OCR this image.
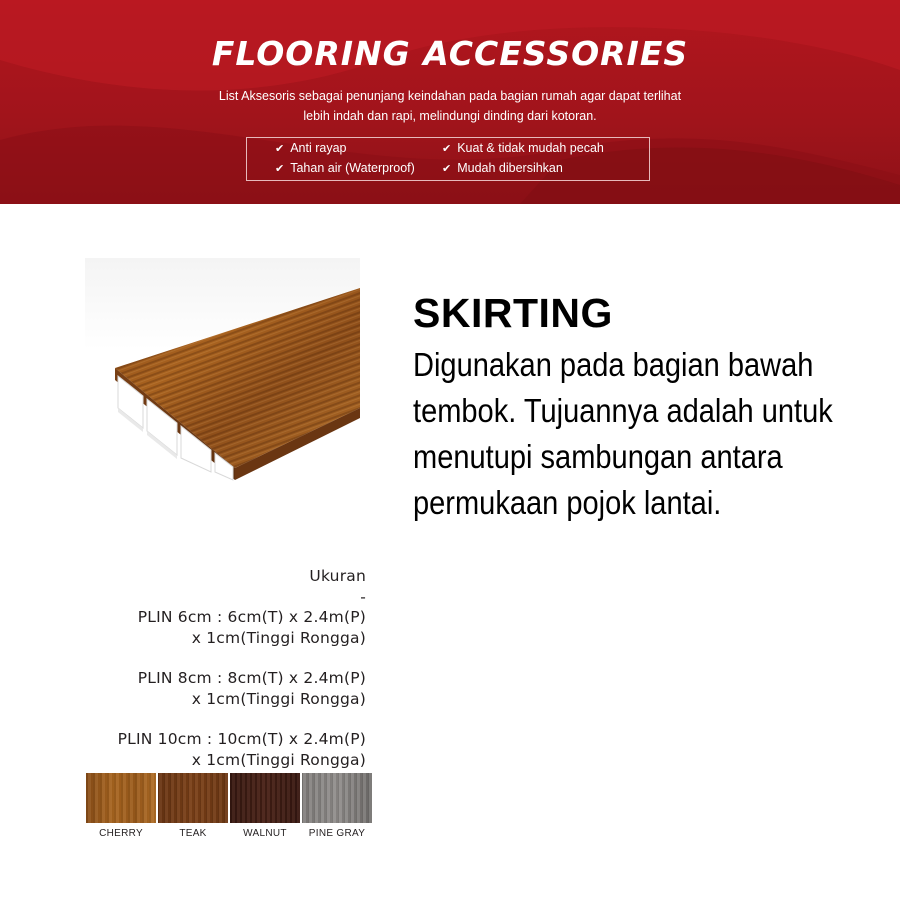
FLOORING ACCESSORIES
List Aksesoris sebagai penunjang keindahan pada bagian rumah agar dapat terlihat
lebih indah dan rapi, melindungi dinding dari kotoran.
✔ Anti rayap	✔ Kuat & tidak mudah pecah
✔ Tahan air (Waterproof) ✔ Mudah dibersihkan
SKIRTING
Digunakan pada bagian bawah
tembok. Tujuannya adalah untuk
menutupi sambungan antara
permukaan pojok lantai.
Ukuran
-
PLIN 6cm : 6cm(T) x 2.4m(P)
x 1cm(Tinggi Rongga)
PLIN 8cm : 8cm(T) x 2.4m(P)
x 1cm(Tinggi Rongga)
PLIN 10cm : 10cm(T) x 2.4m(P)
x 1cm(Tinggi Rongga)
CHERRY	TEAK	WALNUT	PINE GRAY
